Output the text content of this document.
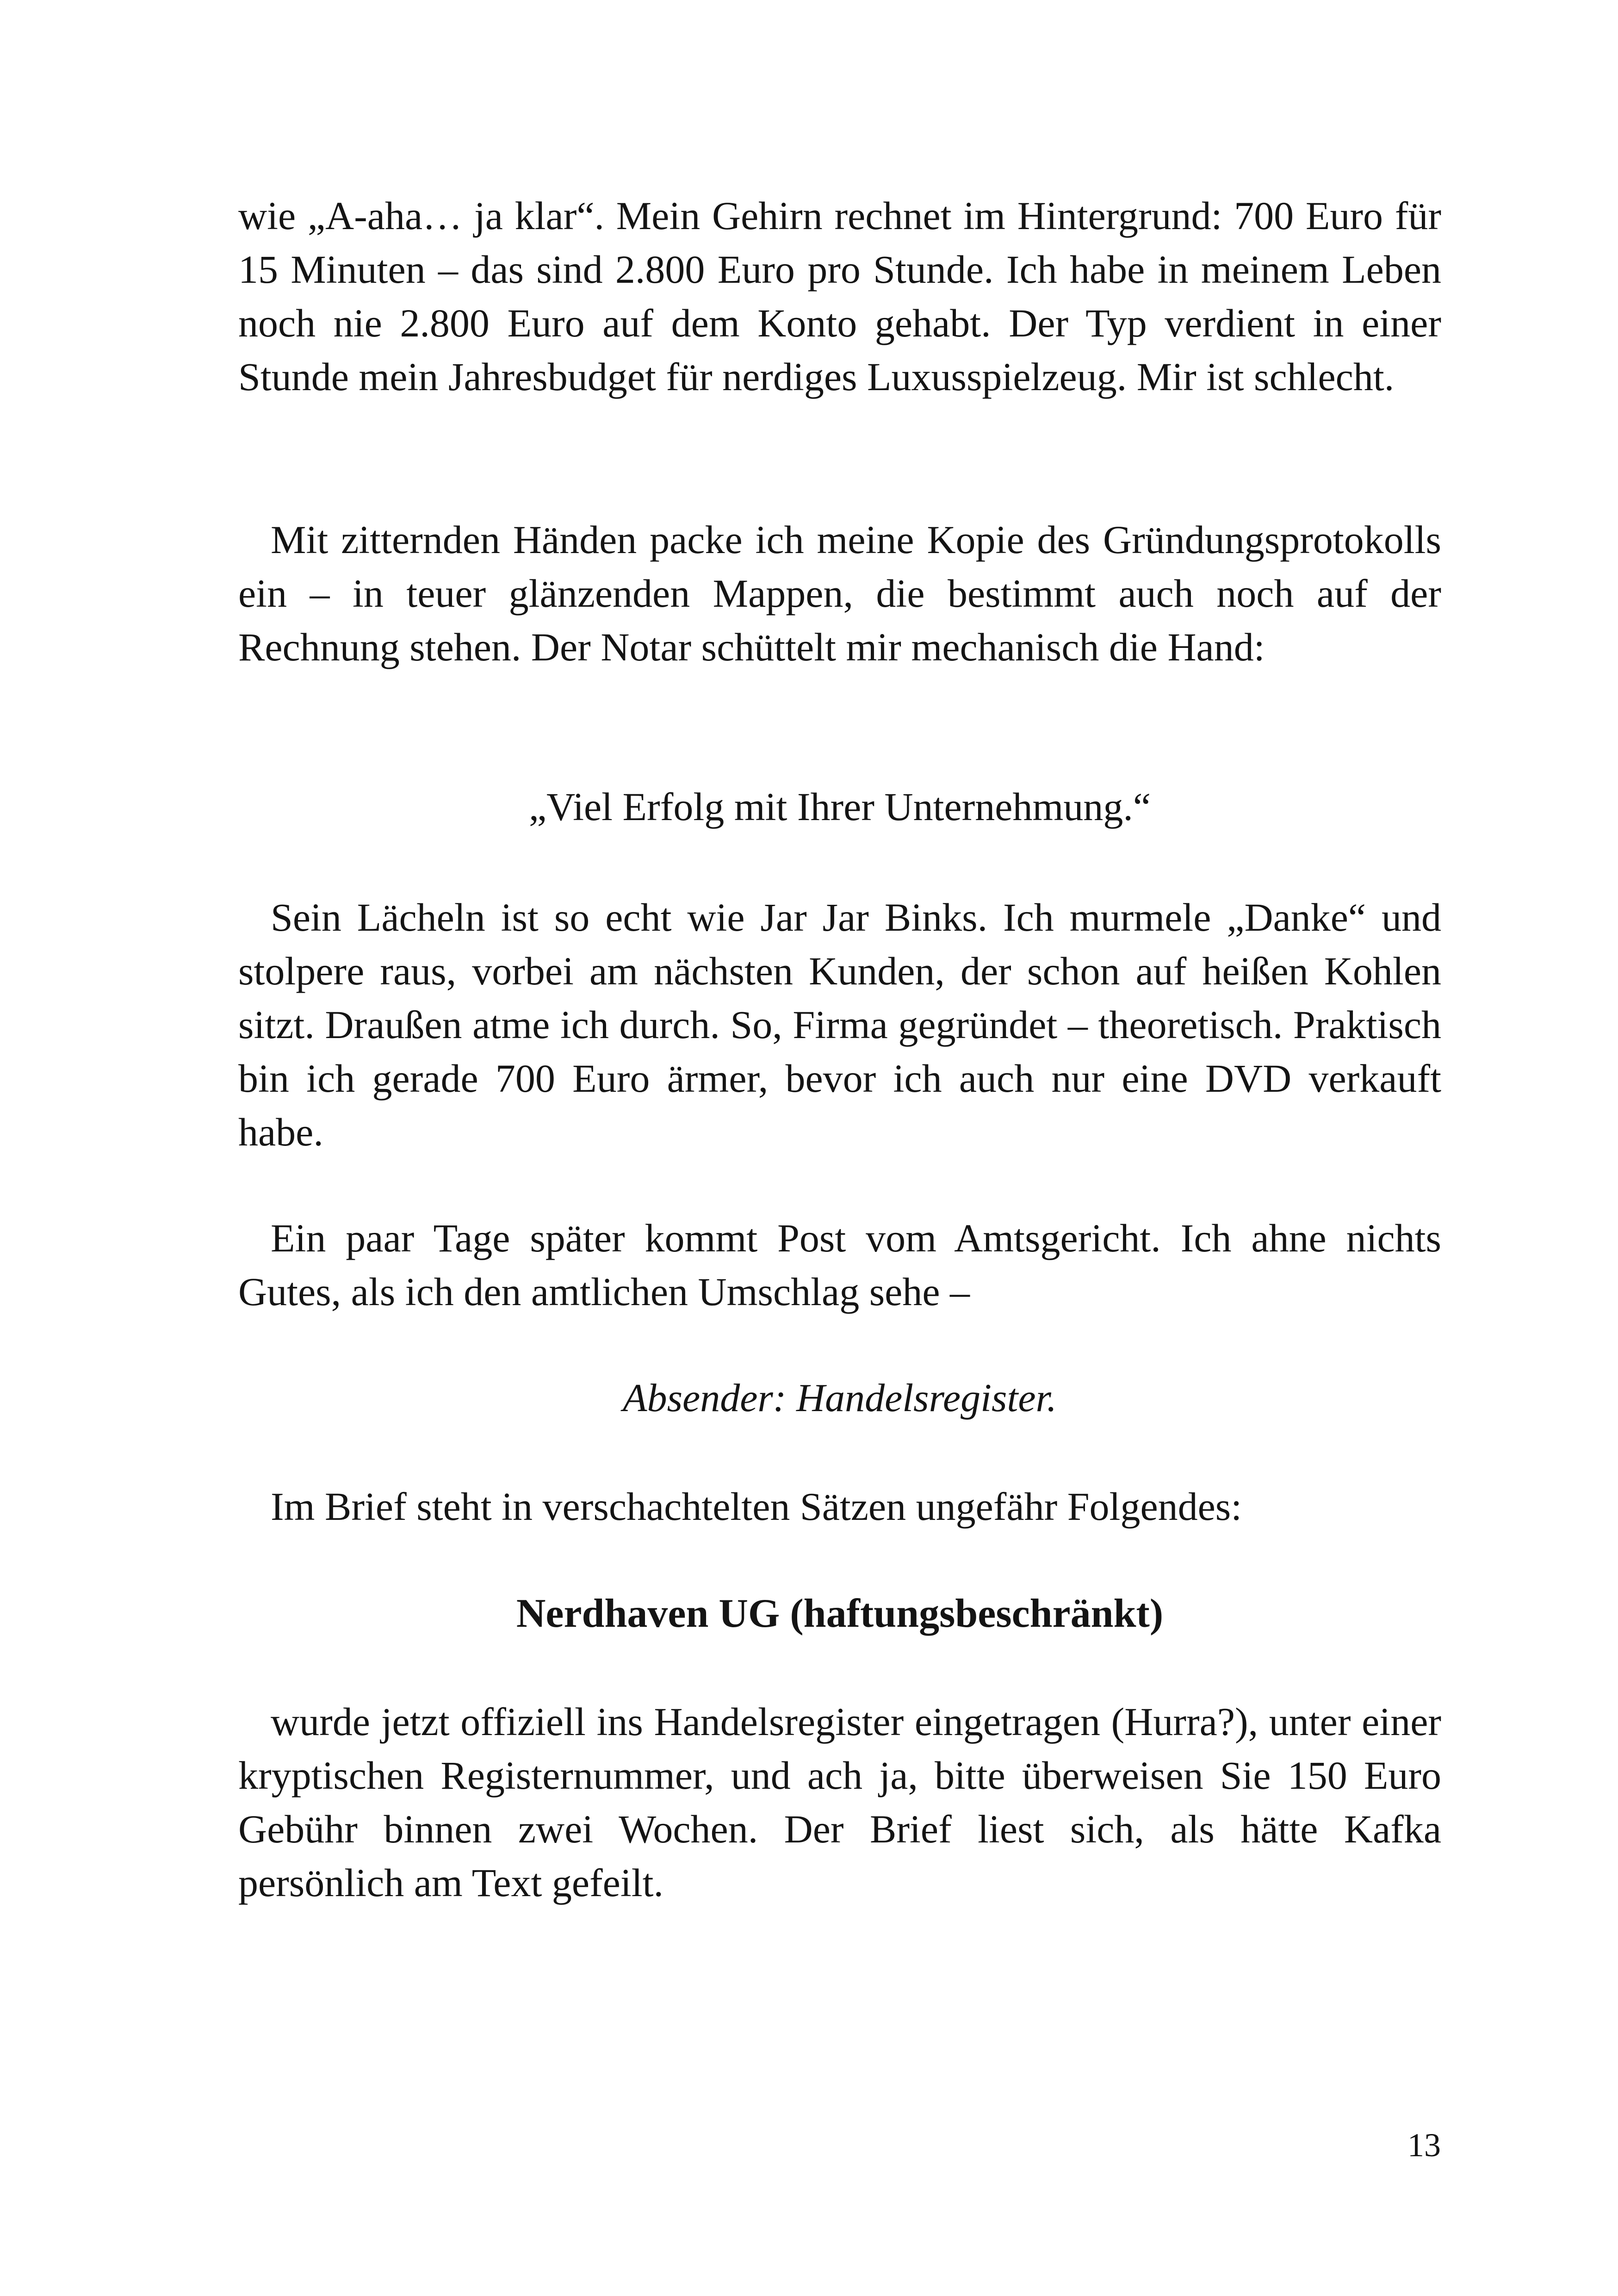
wie „A-aha… ja klar“. Mein Gehirn rechnet im Hintergrund: 700 Euro für 15 Minuten – das sind 2.800 Euro pro Stunde. Ich habe in meinem Leben noch nie 2.800 Euro auf dem Konto gehabt. Der Typ verdient in einer Stunde mein Jahresbudget für nerdiges Luxusspielzeug. Mir ist schlecht.

Mit zitternden Händen packe ich meine Kopie des Gründungsprotokolls ein – in teuer glänzenden Mappen, die bestimmt auch noch auf der Rechnung stehen. Der Notar schüttelt mir mechanisch die Hand:

„Viel Erfolg mit Ihrer Unternehmung.“

Sein Lächeln ist so echt wie Jar Jar Binks. Ich murmele „Danke“ und stolpere raus, vorbei am nächsten Kunden, der schon auf heißen Kohlen sitzt. Draußen atme ich durch. So, Firma gegründet – theoretisch. Praktisch bin ich gerade 700 Euro ärmer, bevor ich auch nur eine DVD verkauft habe.

Ein paar Tage später kommt Post vom Amtsgericht. Ich ahne nichts Gutes, als ich den amtlichen Umschlag sehe –

Absender: Handelsregister.

Im Brief steht in verschachtelten Sätzen ungefähr Folgendes:

Nerdhaven UG (haftungsbeschränkt)

wurde jetzt offiziell ins Handelsregister eingetragen (Hurra?), unter einer kryptischen Registernummer, und ach ja, bitte überweisen Sie 150 Euro Gebühr binnen zwei Wochen. Der Brief liest sich, als hätte Kafka persönlich am Text gefeilt.

13
